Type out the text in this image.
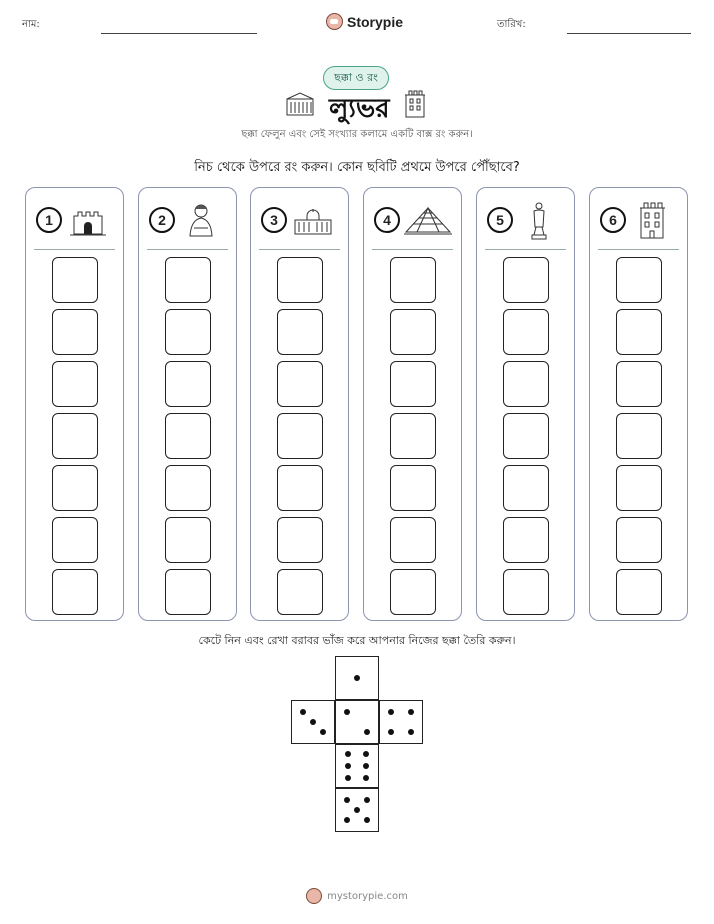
নাম:	Storypie	তারিখ:
ছক্কা ও রং
ল্যুভর
ছক্কা ফেলুন এবং সেই সংখ্যার কলামে একটি বাক্স রং করুন।
নিচ থেকে উপরে রং করুন। কোন ছবিটি প্রথমে উপরে পৌঁছাবে?
1	2	3	4	5	6
কেটে নিন এবং রেখা বরাবর ভাঁজ করে আপনার নিজের ছক্কা তৈরি করুন।
mystorypie.com
